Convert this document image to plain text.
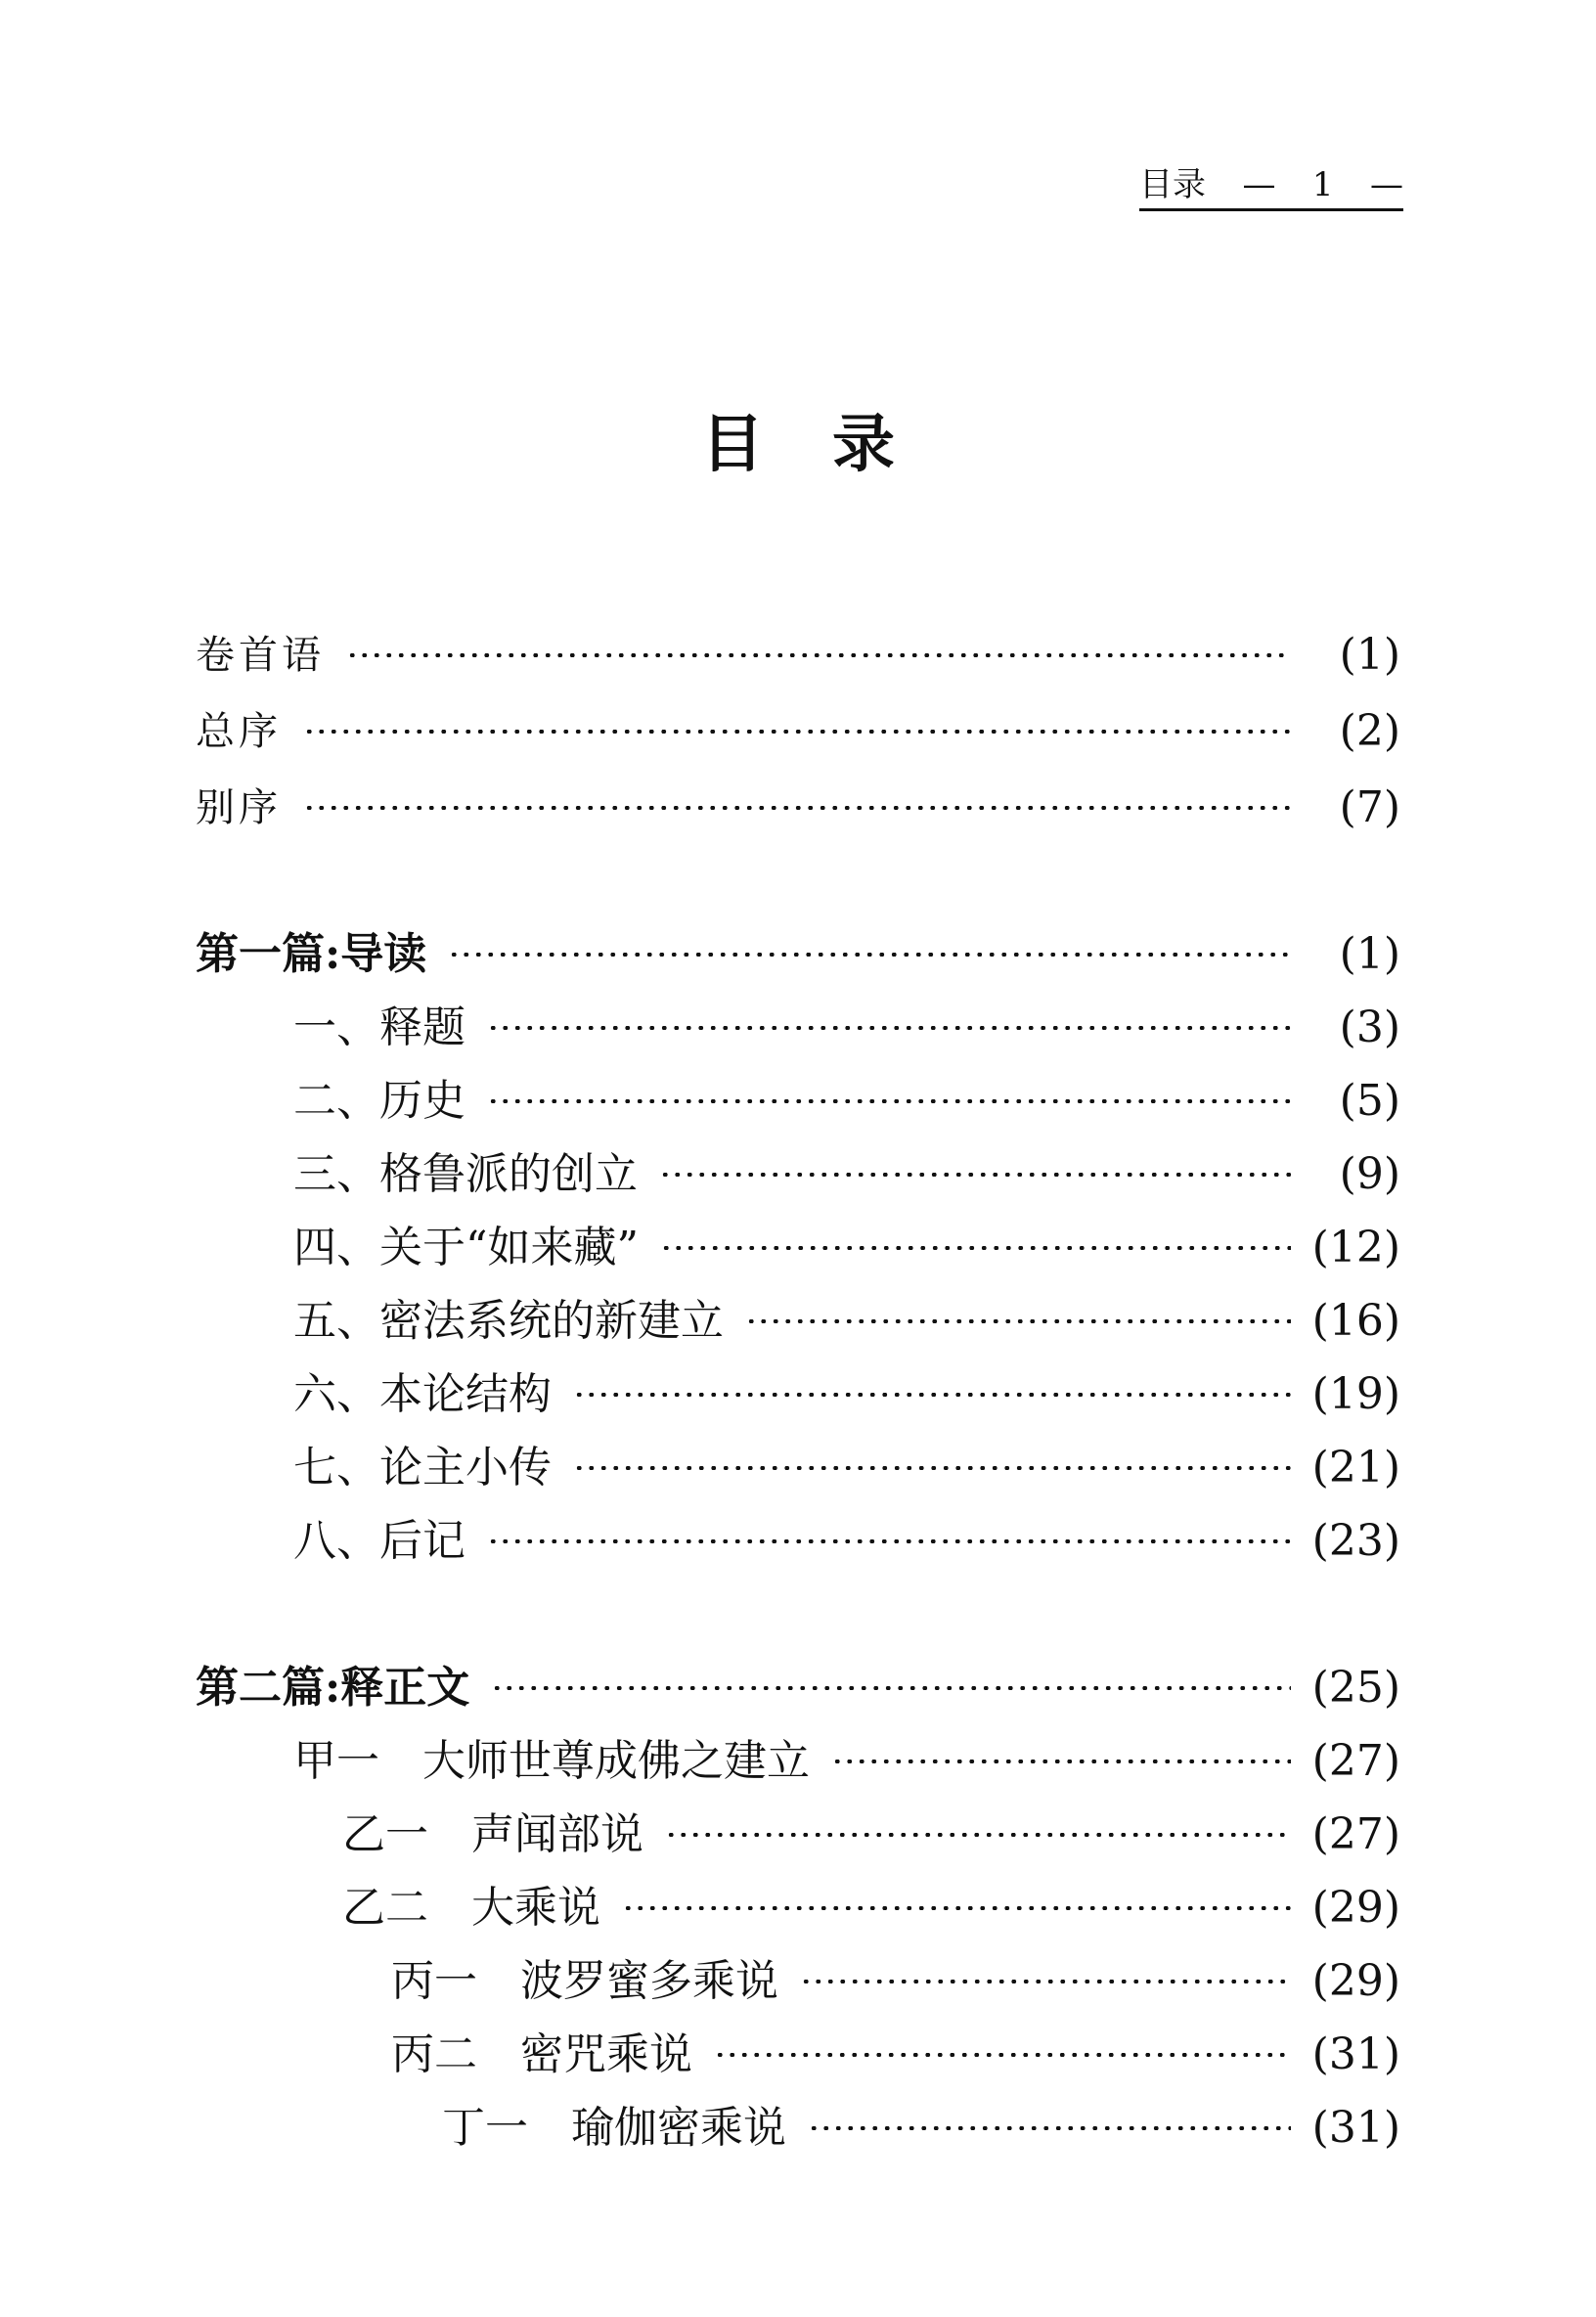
目录 — 1 —
目录
卷首语	(1)
总序	(2)
别序	(7)
第一篇:导读	(1)
一、释题	(3)
二、历史	(5)
三、格鲁派的创立	(9)
四、关于“如来藏”	(12)
五、密法系统的新建立	(16)
六、本论结构	(19)
七、论主小传	(21)
八、后记	(23)
第二篇:释正文	(25)
甲一　大师世尊成佛之建立	(27)
乙一　声闻部说	(27)
乙二　大乘说	(29)
丙一　波罗蜜多乘说	(29)
丙二　密咒乘说	(31)
丁一　瑜伽密乘说	(31)
